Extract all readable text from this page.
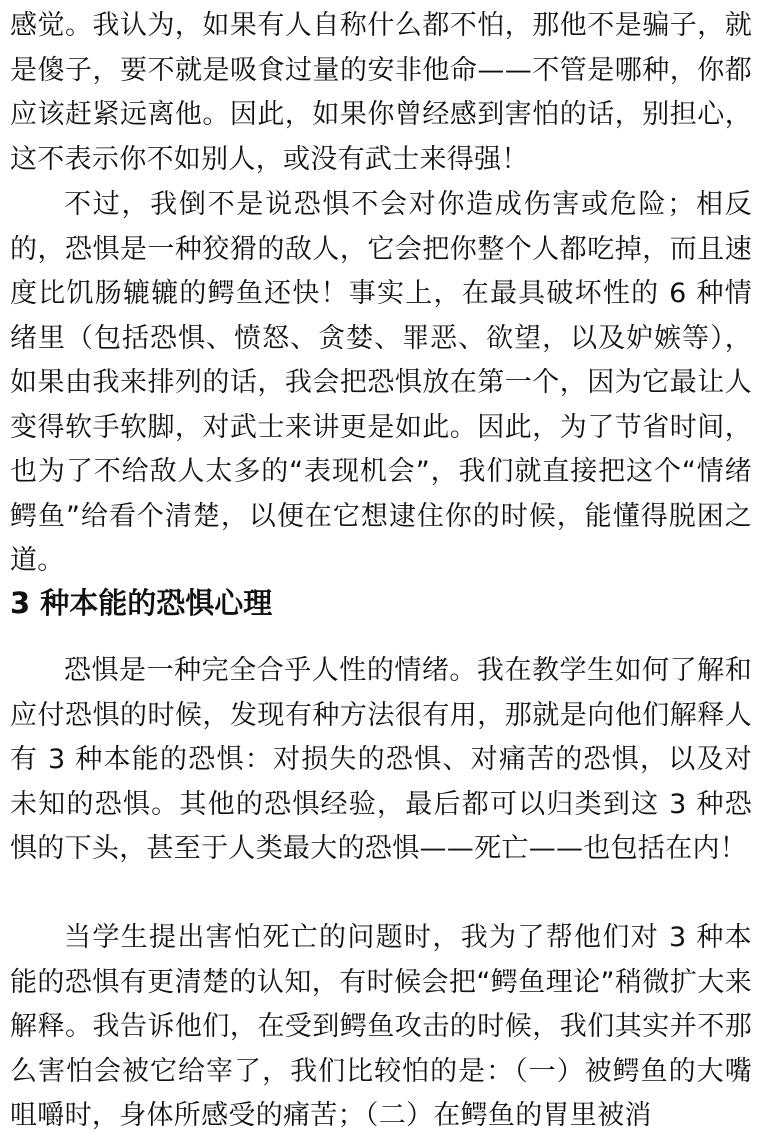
感觉。我认为，如果有人自称什么都不怕，那他不是骗子，就是傻子，要不就是吸食过量的安非他命——不管是哪种，你都应该赶紧远离他。因此，如果你曾经感到害怕的话，别担心，这不表示你不如别人，或没有武士来得强！

不过，我倒不是说恐惧不会对你造成伤害或危险；相反的，恐惧是一种狡猾的敌人，它会把你整个人都吃掉，而且速度比饥肠辘辘的鳄鱼还快！事实上，在最具破坏性的 6 种情绪里（包括恐惧、愤怒、贪婪、罪恶、欲望，以及妒嫉等），如果由我来排列的话，我会把恐惧放在第一个，因为它最让人变得软手软脚，对武士来讲更是如此。因此，为了节省时间，也为了不给敌人太多的“表现机会”，我们就直接把这个“情绪鳄鱼”给看个清楚，以便在它想逮住你的时候，能懂得脱困之道。

3 种本能的恐惧心理

恐惧是一种完全合乎人性的情绪。我在教学生如何了解和应付恐惧的时候，发现有种方法很有用，那就是向他们解释人有 3 种本能的恐惧：对损失的恐惧、对痛苦的恐惧，以及对未知的恐惧。其他的恐惧经验，最后都可以归类到这 3 种恐惧的下头，甚至于人类最大的恐惧——死亡——也包括在内！

当学生提出害怕死亡的问题时，我为了帮他们对 3 种本能的恐惧有更清楚的认知，有时候会把“鳄鱼理论”稍微扩大来解释。我告诉他们，在受到鳄鱼攻击的时候，我们其实并不那么害怕会被它给宰了，我们比较怕的是：（一）被鳄鱼的大嘴咀嚼时，身体所感受的痛苦；（二）在鳄鱼的胃里被消
